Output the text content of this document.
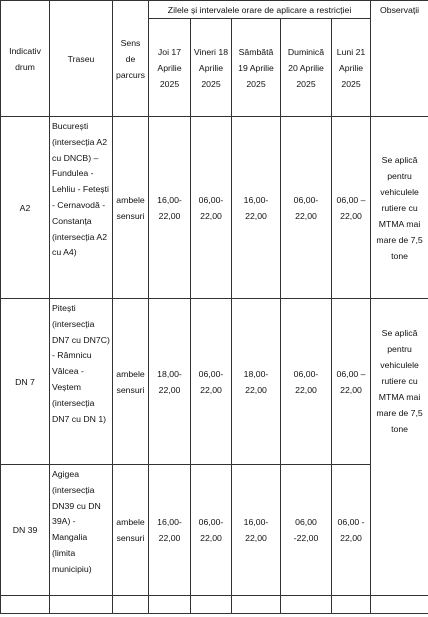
Indicativ drum	Traseu	Sens de parcurs	Zilele și intervalele orare de aplicare a restricției					Observații
			Joi 17 Aprilie 2025	Vineri 18 Aprilie 2025	Sâmbătă 19 Aprilie 2025	Duminică 20 Aprilie 2025	Luni 21 Aprilie 2025	
A2	București (intersecția A2 cu DNCB) – Fundulea - Lehliu - Fetești - Cernavodă - Constanța (intersecția A2 cu A4)	ambele sensuri	16,00-22,00	06,00-22,00	16,00-22,00	06,00-22,00	06,00 – 22,00	Se aplică pentru vehiculele rutiere cu MTMA mai mare de 7,5 tone
DN 7	Pitești (intersecția DN7 cu DN7C) - Râmnicu Vâlcea - Veștem (intersecția DN7 cu DN 1)	ambele sensuri	18,00-22,00	06,00-22,00	18,00-22,00	06,00-22,00	06,00 – 22,00	Se aplică pentru vehiculele rutiere cu MTMA mai mare de 7,5 tone
DN 39	Agigea (intersecția DN39 cu DN 39A) - Mangalia (limita municipiu)	ambele sensuri	16,00-22,00	06,00-22,00	16,00-22,00	06,00 -22,00	06,00 - 22,00	
